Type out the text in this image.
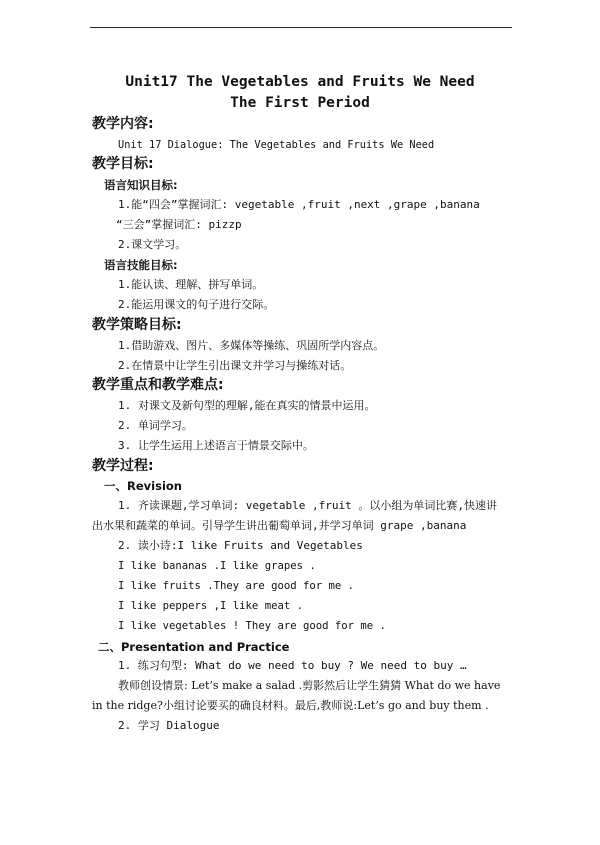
Unit17 The Vegetables and Fruits We Need
The First Period
教学内容:
Unit 17 Dialogue: The Vegetables and Fruits We Need
教学目标:
语言知识目标:
1.能“四会”掌握词汇: vegetable ,fruit ,next ,grape ,banana
“三会”掌握词汇: pizzp
2.课文学习。
语言技能目标:
1.能认读、理解、拼写单词。
2.能运用课文的句子进行交际。
教学策略目标:
1.借助游戏、图片、多媒体等操练、巩固所学内容点。
2.在情景中让学生引出课文并学习与操练对话。
教学重点和教学难点:
1. 对课文及新句型的理解,能在真实的情景中运用。
2. 单词学习。
3. 让学生运用上述语言于情景交际中。
教学过程:
一、Revision
1. 齐读课题,学习单词: vegetable ,fruit 。以小组为单词比赛,快速讲
出水果和蔬菜的单词。引导学生讲出葡萄单词,并学习单词 grape ,banana
2. 读小诗:I like Fruits and Vegetables
I like bananas .I like grapes .
I like fruits .They are good for me .
I like peppers ,I like meat .
I like vegetables ! They are good for me .
二、Presentation and Practice
1. 练习句型: What do we need to buy ? We need to buy …
教师创设情景: Let’s make a salad .剪影然后让学生猜猜 What do we have
in the ridge?小组讨论要买的确良材料。最后,教师说:Let’s go and buy them .
2. 学习 Dialogue
